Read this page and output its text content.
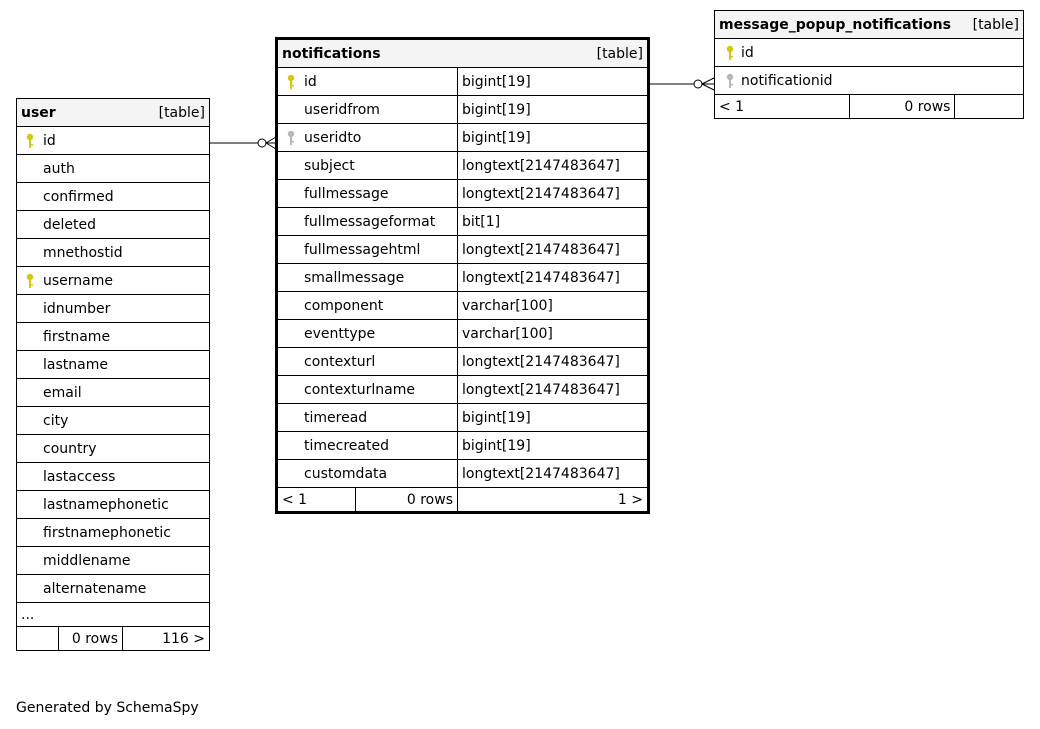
user		[table]

id		
auth		
confirmed		
deleted		
mnethostid		

username		
idnumber		
firstname		
lastname		
email		
city		
country		
lastaccess		
lastnamephonetic		
firstnamephonetic		
middlename		
alternatename		
...		
	0 rows	116 >
notifications		[table]

id		bigint[19]
useridfrom		bigint[19]

useridto		bigint[19]
subject		longtext[2147483647]
fullmessage		longtext[2147483647]
fullmessageformat		bit[1]
fullmessagehtml		longtext[2147483647]
smallmessage		longtext[2147483647]
component		varchar[100]
eventtype		varchar[100]
contexturl		longtext[2147483647]
contexturlname		longtext[2147483647]
timeread		bigint[19]
timecreated		bigint[19]
customdata		longtext[2147483647]
< 1	0 rows	1 >
message_popup_notifications		[table]

id		

notificationid		
< 1	0 rows	
Generated by SchemaSpy
